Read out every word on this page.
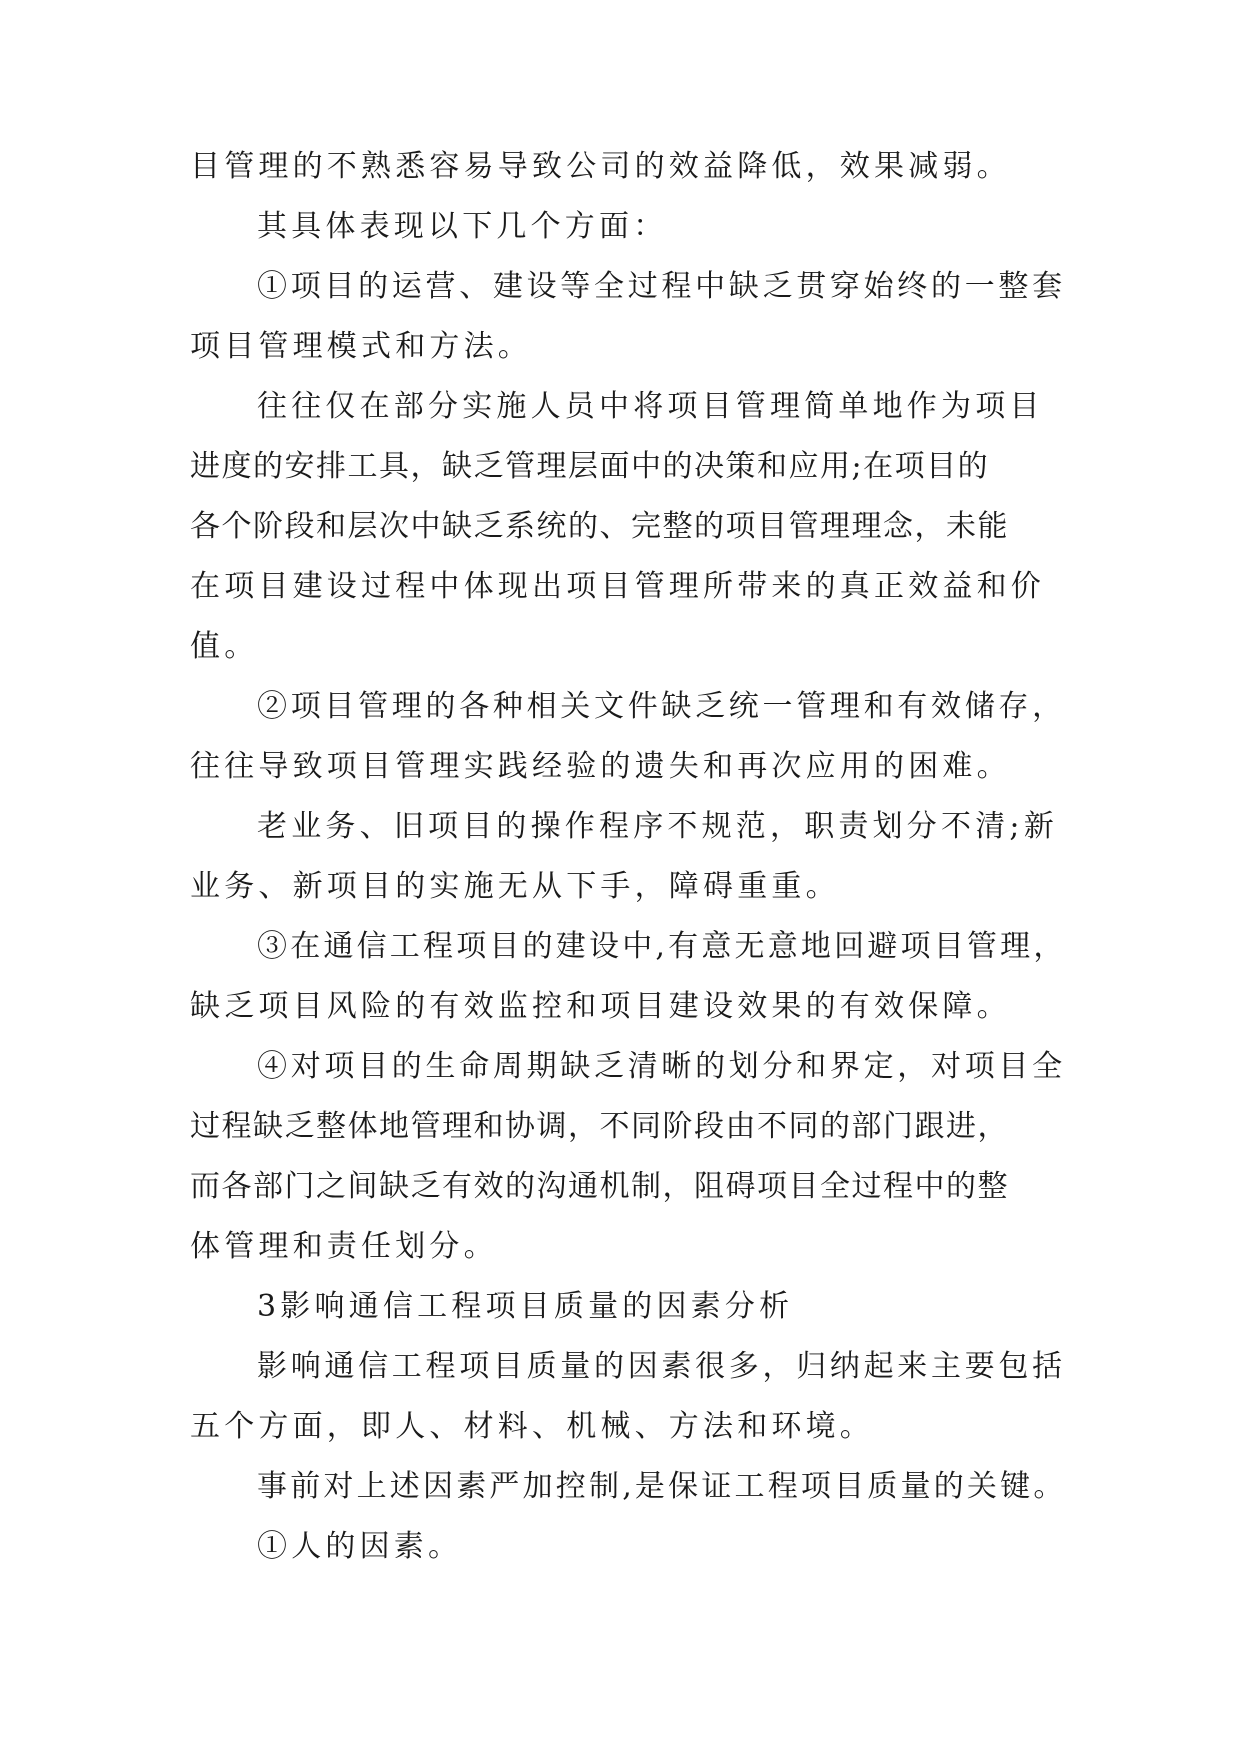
目管理的不熟悉容易导致公司的效益降低，效果减弱。
其具体表现以下几个方面：
①项目的运营、建设等全过程中缺乏贯穿始终的一整套
项目管理模式和方法。
往往仅在部分实施人员中将项目管理简单地作为项目
进度的安排工具，缺乏管理层面中的决策和应用;在项目的
各个阶段和层次中缺乏系统的、完整的项目管理理念，未能
在项目建设过程中体现出项目管理所带来的真正效益和价
值。
②项目管理的各种相关文件缺乏统一管理和有效储存，
往往导致项目管理实践经验的遗失和再次应用的困难。
老业务、旧项目的操作程序不规范，职责划分不清;新
业务、新项目的实施无从下手，障碍重重。
③在通信工程项目的建设中,有意无意地回避项目管理，
缺乏项目风险的有效监控和项目建设效果的有效保障。
④对项目的生命周期缺乏清晰的划分和界定，对项目全
过程缺乏整体地管理和协调，不同阶段由不同的部门跟进，
而各部门之间缺乏有效的沟通机制，阻碍项目全过程中的整
体管理和责任划分。
3影响通信工程项目质量的因素分析
影响通信工程项目质量的因素很多，归纳起来主要包括
五个方面，即人、材料、机械、方法和环境。
事前对上述因素严加控制,是保证工程项目质量的关键。
①人的因素。
